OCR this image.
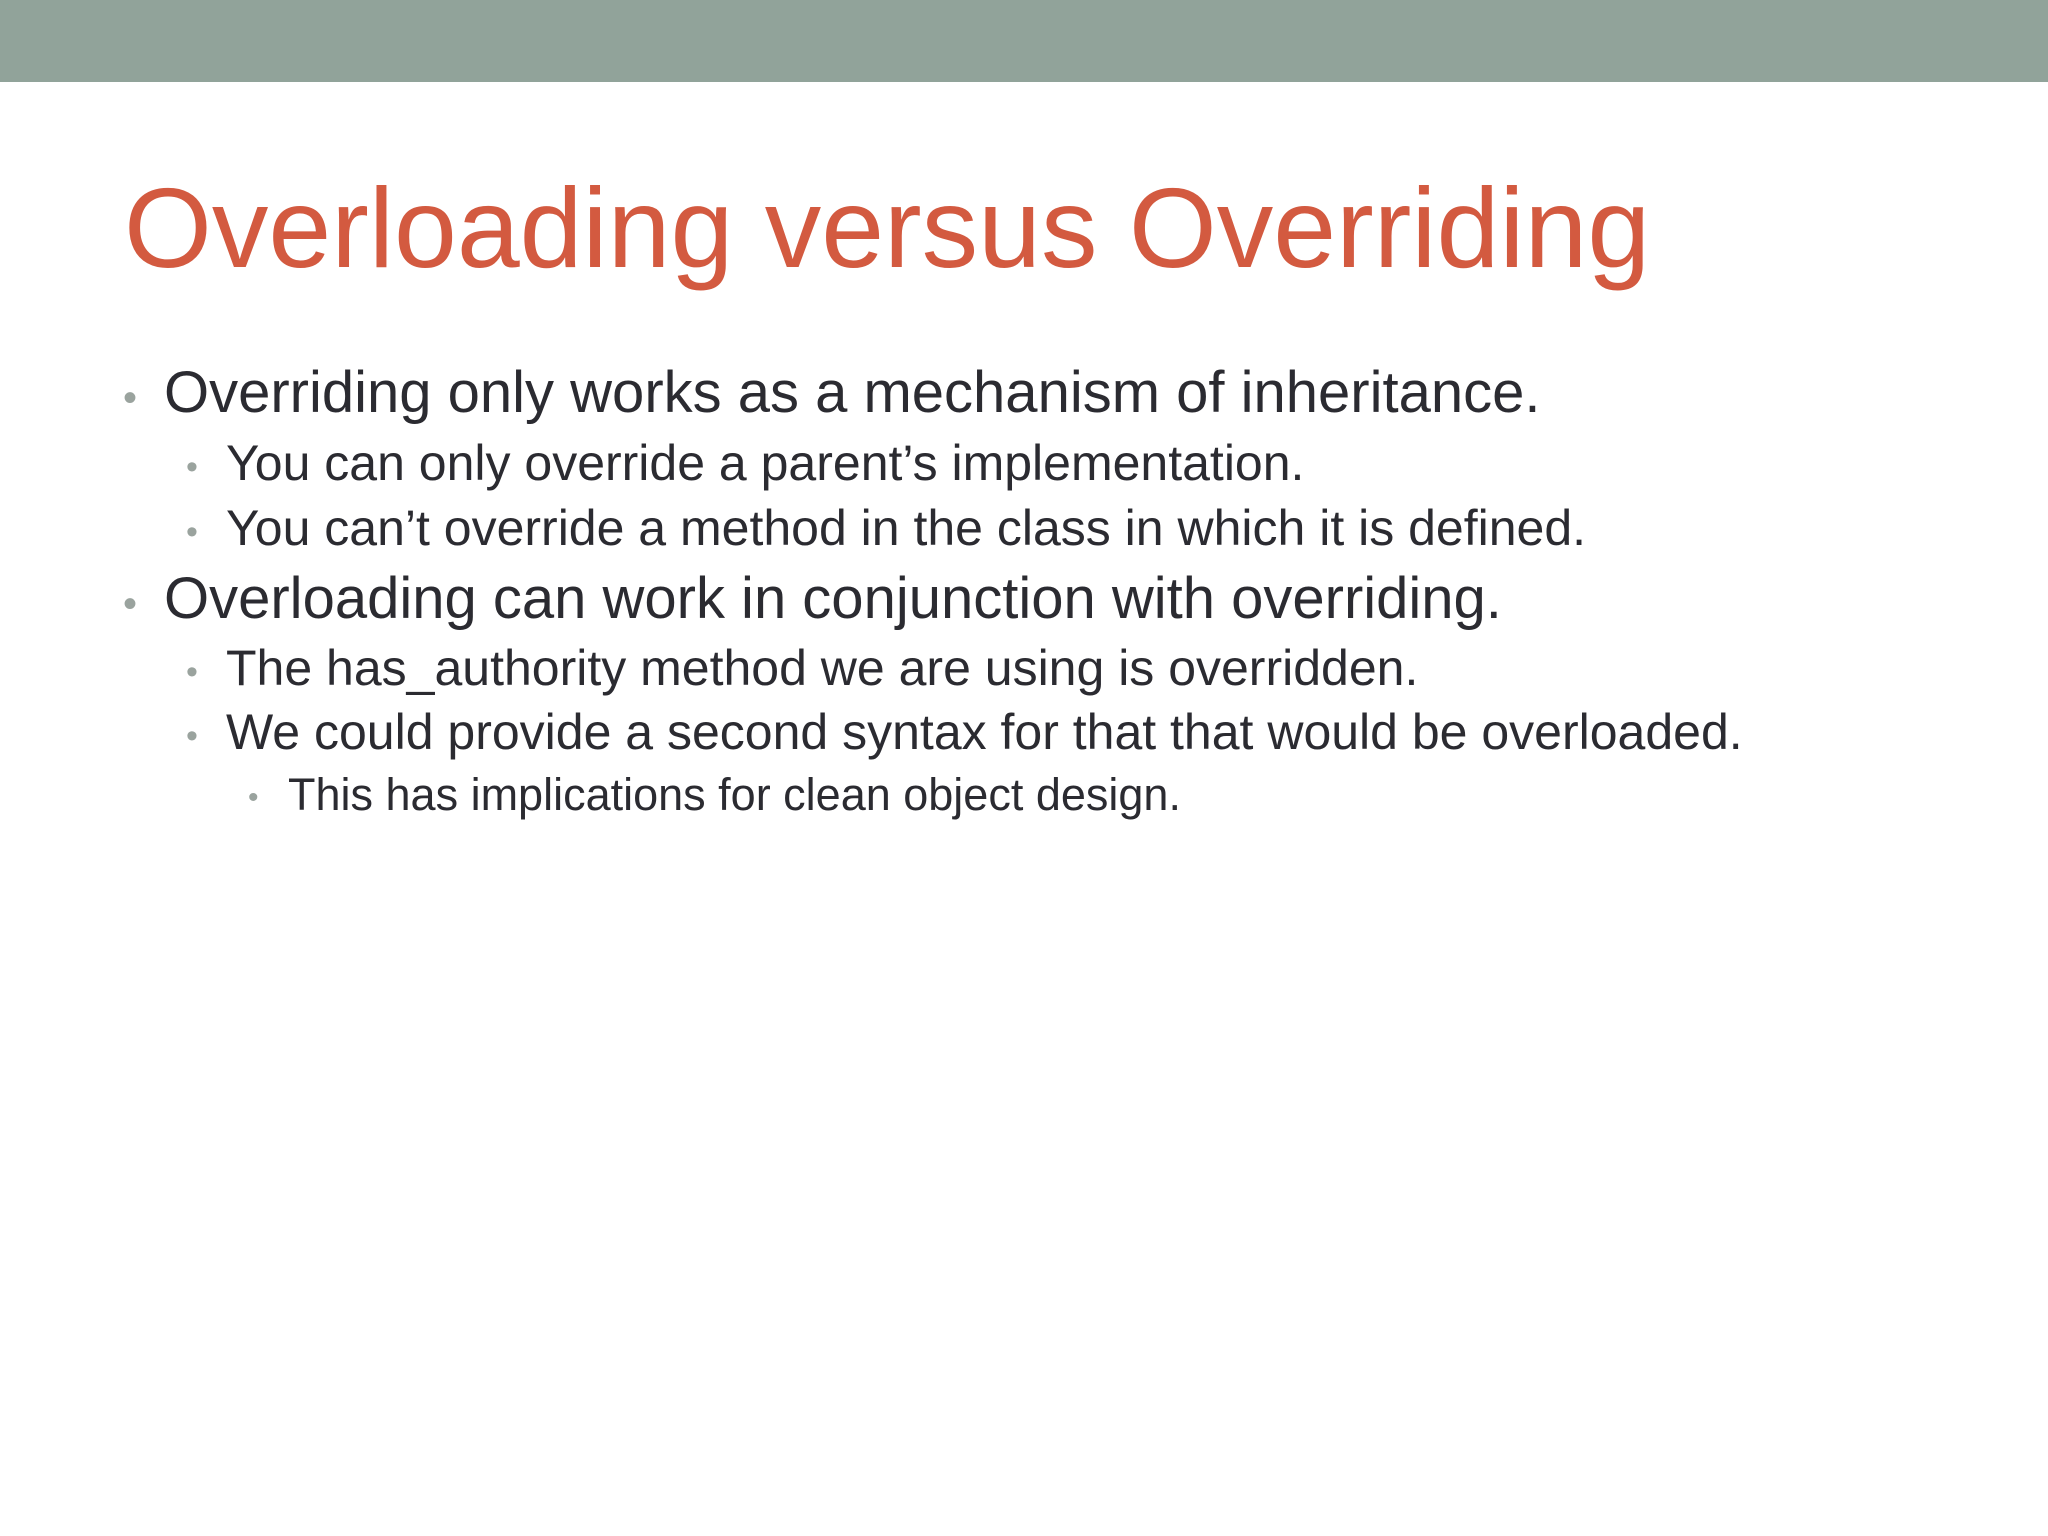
Overloading versus Overriding
• Overriding only works as a mechanism of inheritance.
• You can only override a parent’s implementation.
• You can’t override a method in the class in which it is defined.
• Overloading can work in conjunction with overriding.
• The has_authority method we are using is overridden.
• We could provide a second syntax for that that would be overloaded.
• This has implications for clean object design.
